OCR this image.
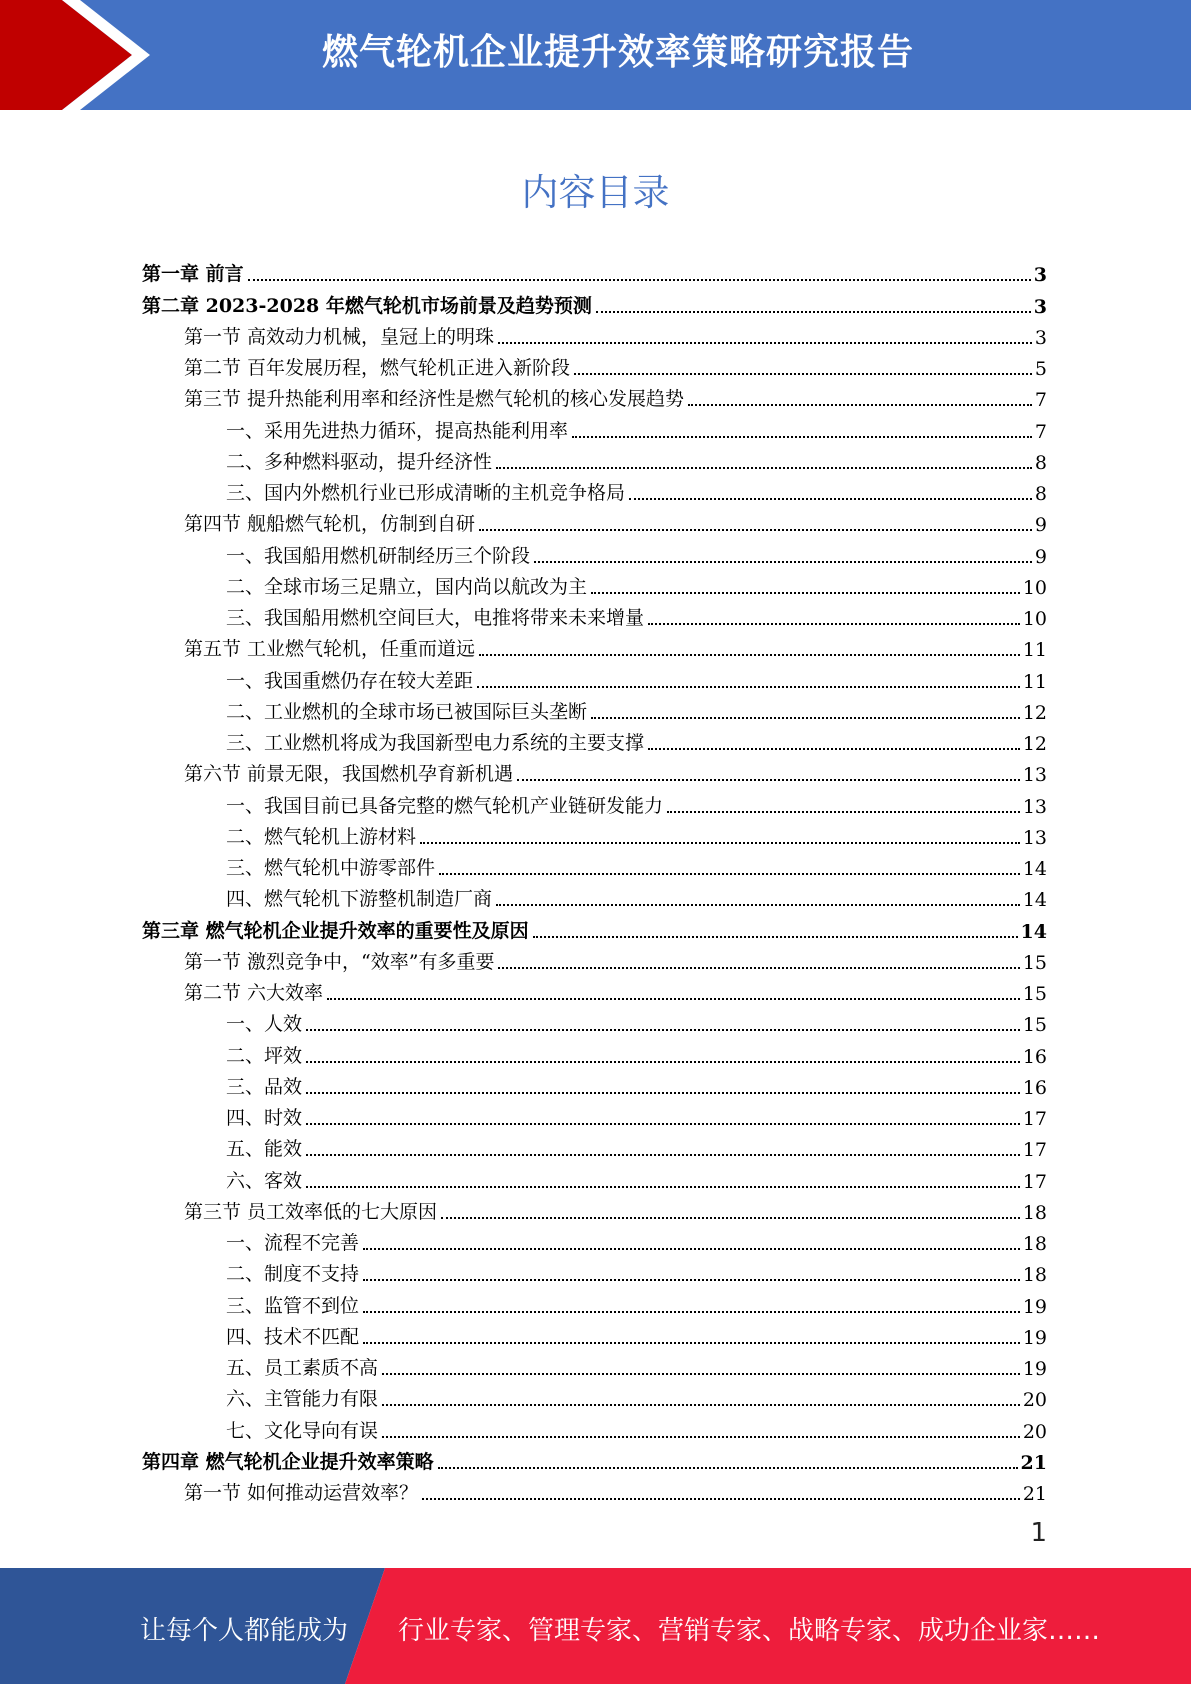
燃气轮机企业提升效率策略研究报告
内容目录
第一章 前言	3
第二章 2023-2028 年燃气轮机市场前景及趋势预测	3
第一节 高效动力机械，皇冠上的明珠	3
第二节 百年发展历程，燃气轮机正进入新阶段	5
第三节 提升热能利用率和经济性是燃气轮机的核心发展趋势	7
一、采用先进热力循环，提高热能利用率	7
二、多种燃料驱动，提升经济性	8
三、国内外燃机行业已形成清晰的主机竞争格局	8
第四节 舰船燃气轮机，仿制到自研	9
一、我国船用燃机研制经历三个阶段	9
二、全球市场三足鼎立，国内尚以航改为主	10
三、我国船用燃机空间巨大，电推将带来未来增量	10
第五节 工业燃气轮机，任重而道远	11
一、我国重燃仍存在较大差距	11
二、工业燃机的全球市场已被国际巨头垄断	12
三、工业燃机将成为我国新型电力系统的主要支撑	12
第六节 前景无限，我国燃机孕育新机遇	13
一、我国目前已具备完整的燃气轮机产业链研发能力	13
二、燃气轮机上游材料	13
三、燃气轮机中游零部件	14
四、燃气轮机下游整机制造厂商	14
第三章 燃气轮机企业提升效率的重要性及原因	14
第一节 激烈竞争中，“效率”有多重要	15
第二节 六大效率	15
一、人效	15
二、坪效	16
三、品效	16
四、时效	17
五、能效	17
六、客效	17
第三节 员工效率低的七大原因	18
一、流程不完善	18
二、制度不支持	18
三、监管不到位	19
四、技术不匹配	19
五、员工素质不高	19
六、主管能力有限	20
七、文化导向有误	20
第四章 燃气轮机企业提升效率策略	21
第一节 如何推动运营效率？	21
1
让每个人都能成为 行业专家、管理专家、营销专家、战略专家、成功企业家……
